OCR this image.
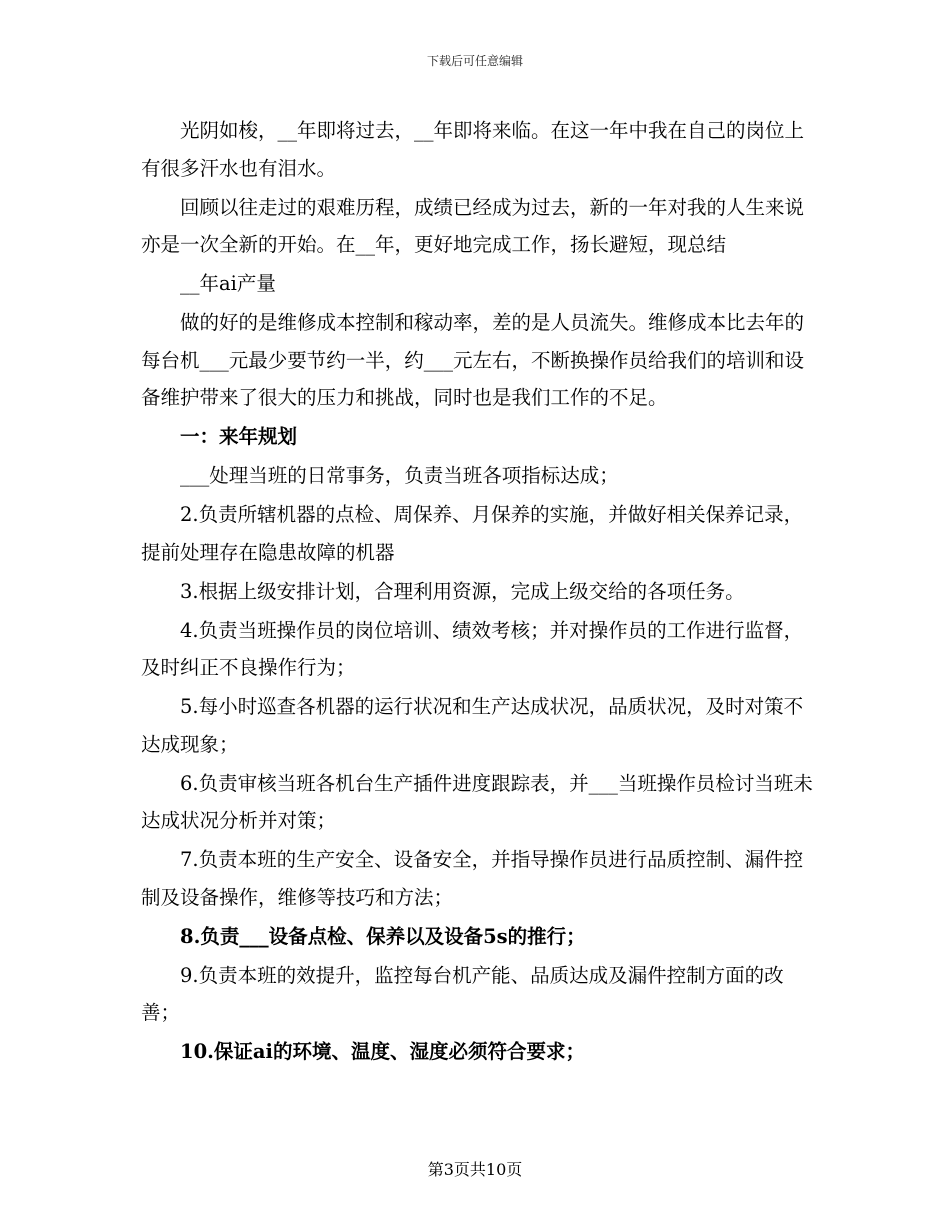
下载后可任意编辑

光阴如梭，__年即将过去，__年即将来临。在这一年中我在自己的岗位上有很多汗水也有泪水。

回顾以往走过的艰难历程，成绩已经成为过去，新的一年对我的人生来说亦是一次全新的开始。在__年，更好地完成工作，扬长避短，现总结

__年ai产量

做的好的是维修成本控制和稼动率，差的是人员流失。维修成本比去年的每台机___元最少要节约一半，约___元左右，不断换操作员给我们的培训和设备维护带来了很大的压力和挑战，同时也是我们工作的不足。

一：来年规划

___处理当班的日常事务，负责当班各项指标达成；

2.负责所辖机器的点检、周保养、月保养的实施，并做好相关保养记录，提前处理存在隐患故障的机器

3.根据上级安排计划，合理利用资源，完成上级交给的各项任务。

4.负责当班操作员的岗位培训、绩效考核；并对操作员的工作进行监督，及时纠正不良操作行为；

5.每小时巡查各机器的运行状况和生产达成状况，品质状况，及时对策不达成现象；

6.负责审核当班各机台生产插件进度跟踪表，并___当班操作员检讨当班未达成状况分析并对策；

7.负责本班的生产安全、设备安全，并指导操作员进行品质控制、漏件控制及设备操作，维修等技巧和方法；

8.负责___设备点检、保养以及设备5s的推行；

9.负责本班的效提升，监控每台机产能、品质达成及漏件控制方面的改善；

10.保证ai的环境、温度、湿度必须符合要求；

第3页共10页
